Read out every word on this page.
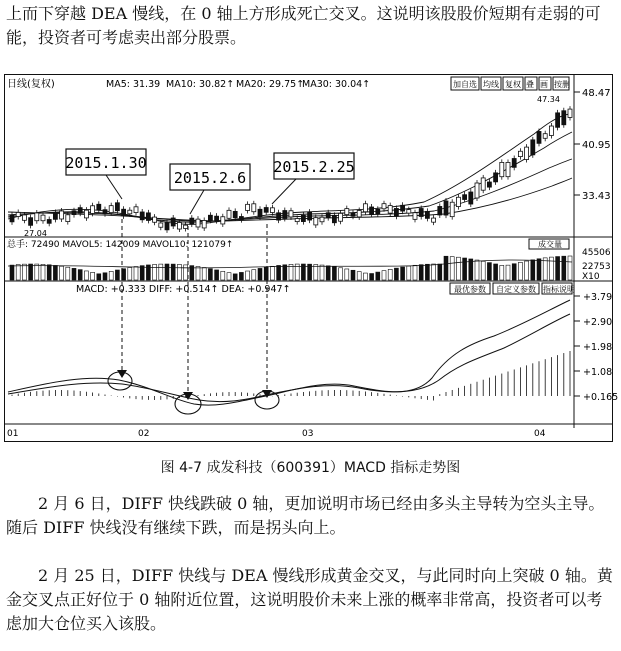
上而下穿越 DEA 慢线，在 0 轴上方形成死亡交叉。这说明该股股价短期有走弱的可能，投资者可考虑卖出部分股票。

日线(复权)	MA5: 31.39 MA10: 30.82↑ MA20: 29.75↑
MA30: 30.04↑	加自选 均线 复权 叠 画 按删
48.47
40.95
33.43
47.34
27.04
总手: 72490 MAVOL5: 142009 MAVOL10: 121079↑	成交量
45506
22753
X10
MACD: +0.333 DIFF: +0.514↑ DEA: +0.947↑	最优参数 自定义参数 指标说明
+3.79
+2.90
+1.98
+1.08
+0.165
01	02	03	04
2015.1.30
2015.2.6
2015.2.25
图 4-7 成发科技（600391）MACD 指标走势图

2 月 6 日，DIFF 快线跌破 0 轴，更加说明市场已经由多头主导转为空头主导。随后 DIFF 快线没有继续下跌，而是拐头向上。

2 月 25 日，DIFF 快线与 DEA 慢线形成黄金交叉，与此同时向上突破 0 轴。黄金交叉点正好位于 0 轴附近位置，这说明股价未来上涨的概率非常高，投资者可以考虑加大仓位买入该股。
